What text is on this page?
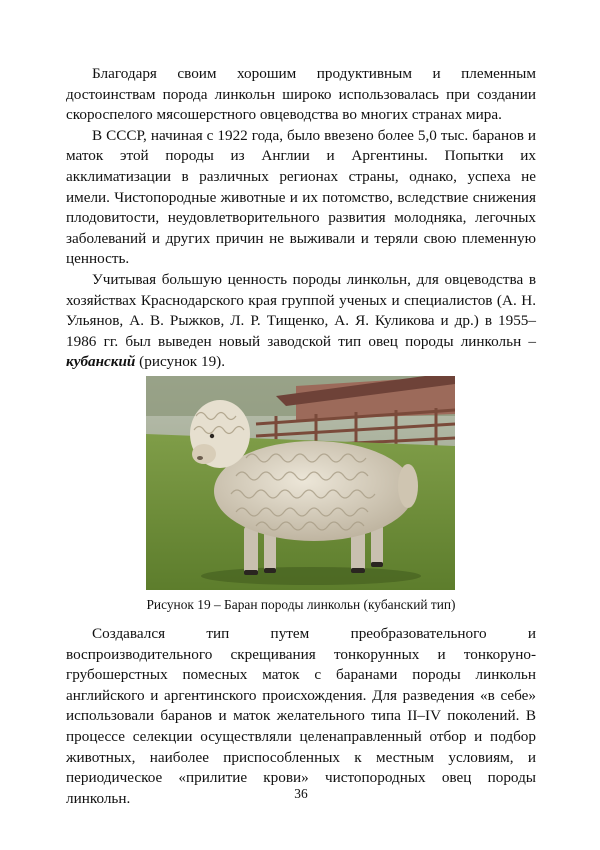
Благодаря своим хорошим продуктивным и племенным достоинствам порода линкольн широко использовалась при создании скороспелого мясошерстного овцеводства во многих странах мира.

В СССР, начиная с 1922 года, было ввезено более 5,0 тыс. баранов и маток этой породы из Англии и Аргентины. Попытки их акклиматизации в различных регионах страны, однако, успеха не имели. Чистопородные животные и их потомство, вследствие снижения плодовитости, неудовлетворительного развития молодняка, легочных заболеваний и других причин не выживали и теряли свою племенную ценность.

Учитывая большую ценность породы линкольн, для овцеводства в хозяйствах Краснодарского края группой ученых и специалистов (А. Н. Ульянов, А. В. Рыжков, Л. Р. Тищенко, А. Я. Куликова и др.) в 1955–1986 гг. был выведен новый заводской тип овец породы линкольн – кубанский (рисунок 19).

Рисунок 19 – Баран породы линкольн (кубанский тип)

Создавался тип путем преобразовательного и воспроизводительного скрещивания тонкорунных и тонкоруно-грубошерстных помесных маток с баранами породы линкольн английского и аргентинского происхождения. Для разведения «в себе» использовали баранов и маток желательного типа II–IV поколений. В процессе селекции осуществляли целенаправленный отбор и подбор животных, наиболее приспособленных к местным условиям, и периодическое «прилитие крови» чистопородных овец породы линкольн.	36
